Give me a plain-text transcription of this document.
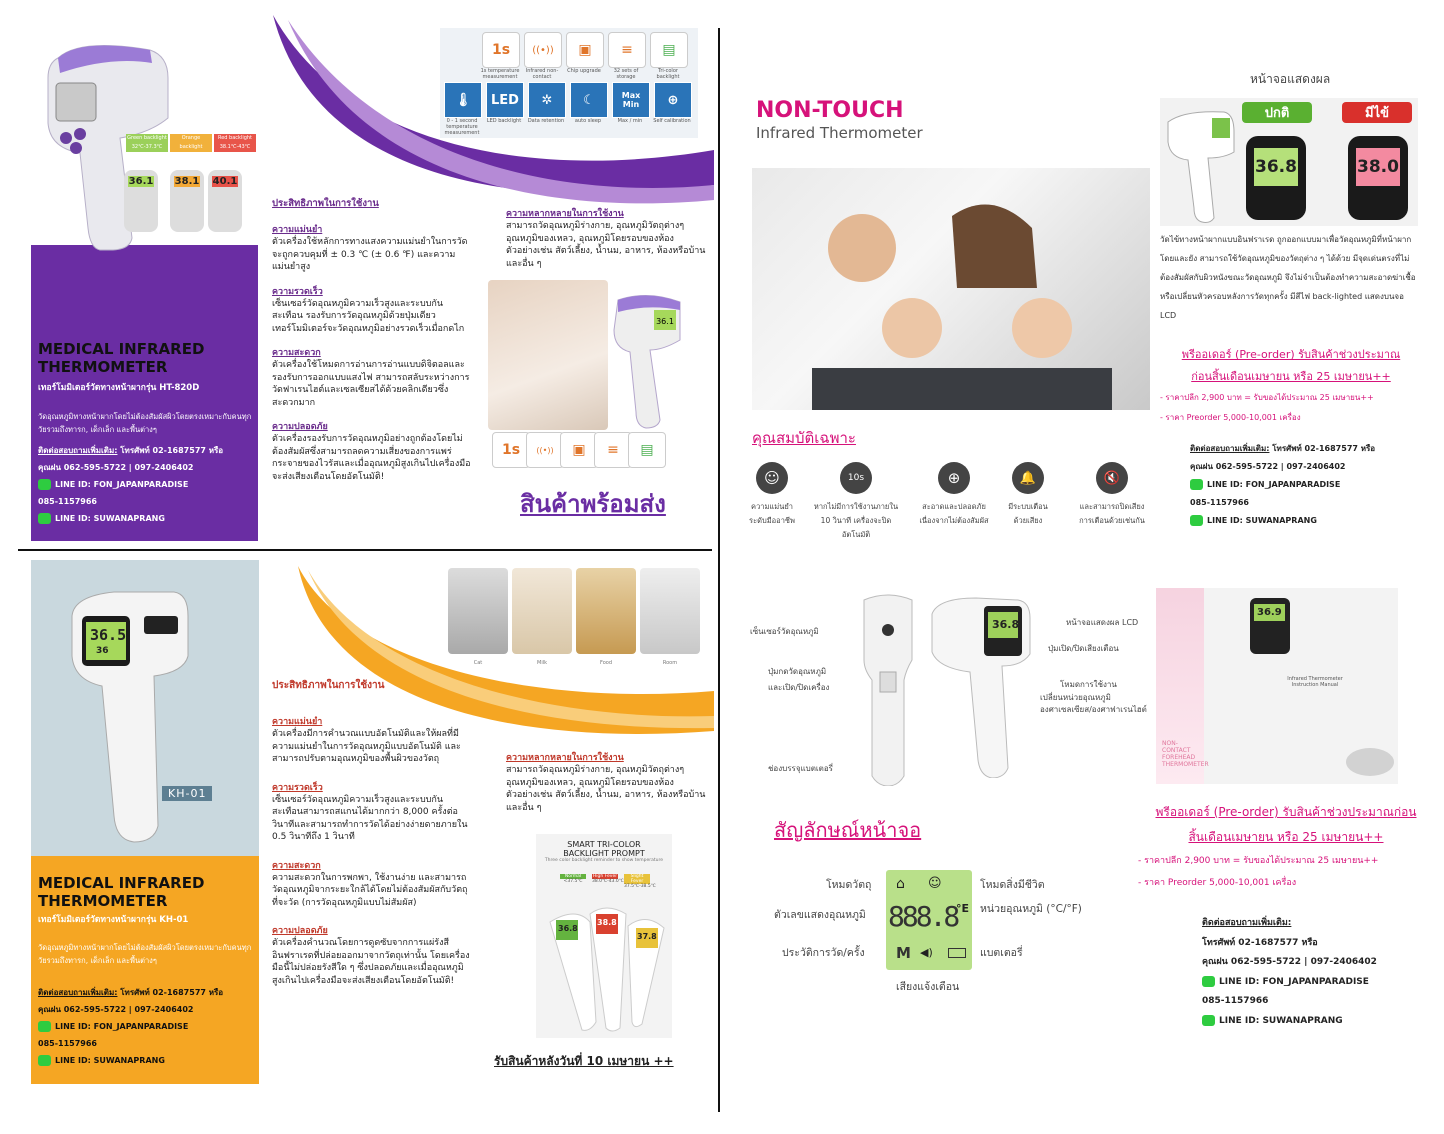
Green backlight
32℃-37.3℃
Orange backlight
37.4℃-38℃
Red backlight
38.1℃-43℃
36.1 38.1 40.1
1s	((•))	▣	≡	▤
1s temperature measurement
Infrared non-contact
Chip upgrade	32 sets of storage
Tri-color backlight
🌡	LED	✲	☾	Max Min	⊕
0 - 1 second temperature measurement
LED backlight	Data retention	auto sleep	Max / min	Self calibration
MEDICAL INFRARED
THERMOMETER
เทอร์โมมิเตอร์วัดทางหน้าผากรุ่น HT-820D
วัดอุณหภูมิทางหน้าผากโดยไม่ต้องสัมผัสผิวโดยตรงเหมาะกับคนทุกวัยรวมถึงทารก, เด็กเล็ก และพื้นต่างๆ
ติดต่อสอบถามเพิ่มเติม: โทรศัพท์ 02-1687577 หรือ
คุณฝน 062-595-5722 | 097-2406402
LINE ID: FON_JAPANPARADISE
085-1157966
LINE ID: SUWANAPRANG
ประสิทธิภาพในการใช้งาน
ความแม่นยำ
ตัวเครื่องใช้หลักการทางแสงความแม่นยำในการวัดจะถูกควบคุมที่ ± 0.3 ℃ (± 0.6 ℉) และความแม่นยำสูง
ความรวดเร็ว
เซ็นเซอร์วัดอุณหภูมิความเร็วสูงและระบบกันสะเทือน รองรับการวัดอุณหภูมิด้วยปุ่มเดียว เทอร์โมมิเตอร์จะวัดอุณหภูมิอย่างรวดเร็วเมื่อกดไก
ความสะดวก
ตัวเครื่องใช้โหมดการอ่านการอ่านแบบดิจิตอลและรองรับการออกแบบแสงไฟ สามารถสลับระหว่างการวัดฟาเรนไฮต์และเซลเซียสได้ด้วยคลิกเดียวซึ่งสะดวกมาก
ความปลอดภัย
ตัวเครื่องรองรับการวัดอุณหภูมิอย่างถูกต้องโดยไม่ต้องสัมผัสซึ่งสามารถลดความเสี่ยงของการแพร่กระจายของไวรัสและเมื่ออุณหภูมิสูงเกินไปเครื่องมือจะส่งเสียงเตือนโดยอัตโนมัติ!
ความหลากหลายในการใช้งาน
สามารถวัดอุณหภูมิร่างกาย, อุณหภูมิวัตถุต่างๆ อุณหภูมิของเหลว, อุณหภูมิโดยรอบของห้อง ตัวอย่างเช่น สัตว์เลี้ยง, น้ำนม, อาหาร, ห้องหรือบ้าน และอื่น ๆ
36.1
1s	((•))	▣	≡	▤
สินค้าพร้อมส่ง
36.5
36
KH-01
MEDICAL INFRARED
THERMOMETER
เทอร์โมมิเตอร์วัดทางหน้าผากรุ่น KH-01
วัดอุณหภูมิทางหน้าผากโดยไม่ต้องสัมผัสผิวโดยตรงเหมาะกับคนทุกวัยรวมถึงทารก, เด็กเล็ก และพื้นต่างๆ
ติดต่อสอบถามเพิ่มเติม: โทรศัพท์ 02-1687577 หรือ
คุณฝน 062-595-5722 | 097-2406402
LINE ID: FON_JAPANPARADISE
085-1157966
LINE ID: SUWANAPRANG
Cat	Milk	Food	Room
ประสิทธิภาพในการใช้งาน
ความแม่นยำ
ตัวเครื่องมีการคำนวณแบบอัตโนมัติและให้ผลที่มีความแม่นยำในการวัดอุณหภูมิแบบอัตโนมัติ และสามารถปรับตามอุณหภูมิของพื้นผิวของวัตถุ
ความรวดเร็ว
เซ็นเซอร์วัดอุณหภูมิความเร็วสูงและระบบกันสะเทือนสามารถสแกนได้มากกว่า 8,000 ครั้งต่อวินาทีและสามารถทำการวัดได้อย่างง่ายดายภายใน 0.5 วินาทีถึง 1 วินาที
ความสะดวก
ความสะดวกในการพกพา, ใช้งานง่าย และสามารถวัดอุณหภูมิจากระยะใกล้ได้โดยไม่ต้องสัมผัสกับวัตถุที่จะวัด (การวัดอุณหภูมิแบบไม่สัมผัส)
ความปลอดภัย
ตัวเครื่องคำนวณโดยการดูดซับจากการแผ่รังสีอินฟราเรดที่ปล่อยออกมาจากวัตถุเท่านั้น โดยเครื่องมือนี้ไม่ปล่อยรังสีใด ๆ ซึ่งปลอดภัยและเมื่ออุณหภูมิสูงเกินไปเครื่องมือจะส่งเสียงเตือนโดยอัตโนมัติ!
ความหลากหลายในการใช้งาน
สามารถวัดอุณหภูมิร่างกาย, อุณหภูมิวัตถุต่างๆ อุณหภูมิของเหลว, อุณหภูมิโดยรอบของห้อง ตัวอย่างเช่น สัตว์เลี้ยง, น้ำนม, อาหาร, ห้องหรือบ้าน และอื่น ๆ
SMART TRI-COLOR
BACKLIGHT PROMPT
Three color backlight reminder to show temperature
Normal
<37.5℃
High Fever
38.0℃-43.0℃
Slight Fever
37.5℃-38.5℃
36.8
38.8
37.8
รับสินค้าหลังวันที่ 10 เมษายน ++
NON-TOUCH
Infrared Thermometer
หน้าจอแสดงผล
ปกติ	มีไข้
36.8	38.0
วัดไข้ทางหน้าผากแบบอินฟราเรด ถูกออกแบบมาเพื่อวัดอุณหภูมิที่หน้าผากโดยและยัง สามารถใช้วัดอุณหภูมิของวัตถุต่าง ๆ ได้ด้วย มีจุดเด่นตรงที่ไม่ต้องสัมผัสกับผิวหนังขณะวัดอุณหภูมิ จึงไม่จำเป็นต้องทำความสะอาดฆ่าเชื้อ หรือเปลี่ยนหัวครอบหลังการวัดทุกครั้ง มีสีไฟ back-lighted แสดงบนจอ LCD
พรีออเดอร์ (Pre-order) รับสินค้าช่วงประมาณ
ก่อนสิ้นเดือนเมษายน หรือ 25 เมษายน++
- ราคาปลีก 2,900 บาท = รับของได้ประมาณ 25 เมษายน++
- ราคา Preorder 5,000-10,001 เครื่อง
ติดต่อสอบถามเพิ่มเติม: โทรศัพท์ 02-1687577 หรือ
คุณฝน 062-595-5722 | 097-2406402
LINE ID: FON_JAPANPARADISE
085-1157966
LINE ID: SUWANAPRANG
คุณสมบัติเฉพาะ
☺	10s	⊕	🔔	🔇
ความแม่นยำ
ระดับมืออาชีพ
หากไม่มีการใช้งานภายใน
10 วินาที เครื่องจะปิดอัตโนมัติ
สะอาดและปลอดภัย
เนื่องจากไม่ต้องสัมผัส
มีระบบเตือน
ด้วยเสียง
และสามารถปิดเสียง
การเตือนด้วยเช่นกัน
36.8
เซ็นเซอร์วัดอุณหภูมิ
ปุ่มกดวัดอุณหภูมิ
และเปิด/ปิดเครื่อง
ช่องบรรจุแบตเตอรี่
หน้าจอแสดงผล LCD
ปุ่มเปิด/ปิดเสียงเตือน
โหมดการใช้งาน
เปลี่ยนหน่วยอุณหภูมิ
องศาเซลเซียส/องศาฟาเรนไฮต์
36.9
Infrared Thermometer
Instruction Manual
NON-CONTACT FOREHEAD THERMOMETER
พรีออเดอร์ (Pre-order) รับสินค้าช่วงประมาณก่อน
สิ้นเดือนเมษายน หรือ 25 เมษายน++
- ราคาปลีก 2,900 บาท = รับของได้ประมาณ 25 เมษายน++
- ราคา Preorder 5,000-10,001 เครื่อง
ติดต่อสอบถามเพิ่มเติม:
โทรศัพท์ 02-1687577 หรือ
คุณฝน 062-595-5722 | 097-2406402
LINE ID: FON_JAPANPARADISE
085-1157966
LINE ID: SUWANAPRANG
สัญลักษณ์หน้าจอ
⌂ ☺
888.8
°E
M ◀)
โหมดวัตถุ
ตัวเลขแสดงอุณหภูมิ
ประวัติการวัด/ครั้ง
โหมดสิ่งมีชีวิต
หน่วยอุณหภูมิ (°C/°F)
แบตเตอรี่
เสียงแจ้งเตือน
